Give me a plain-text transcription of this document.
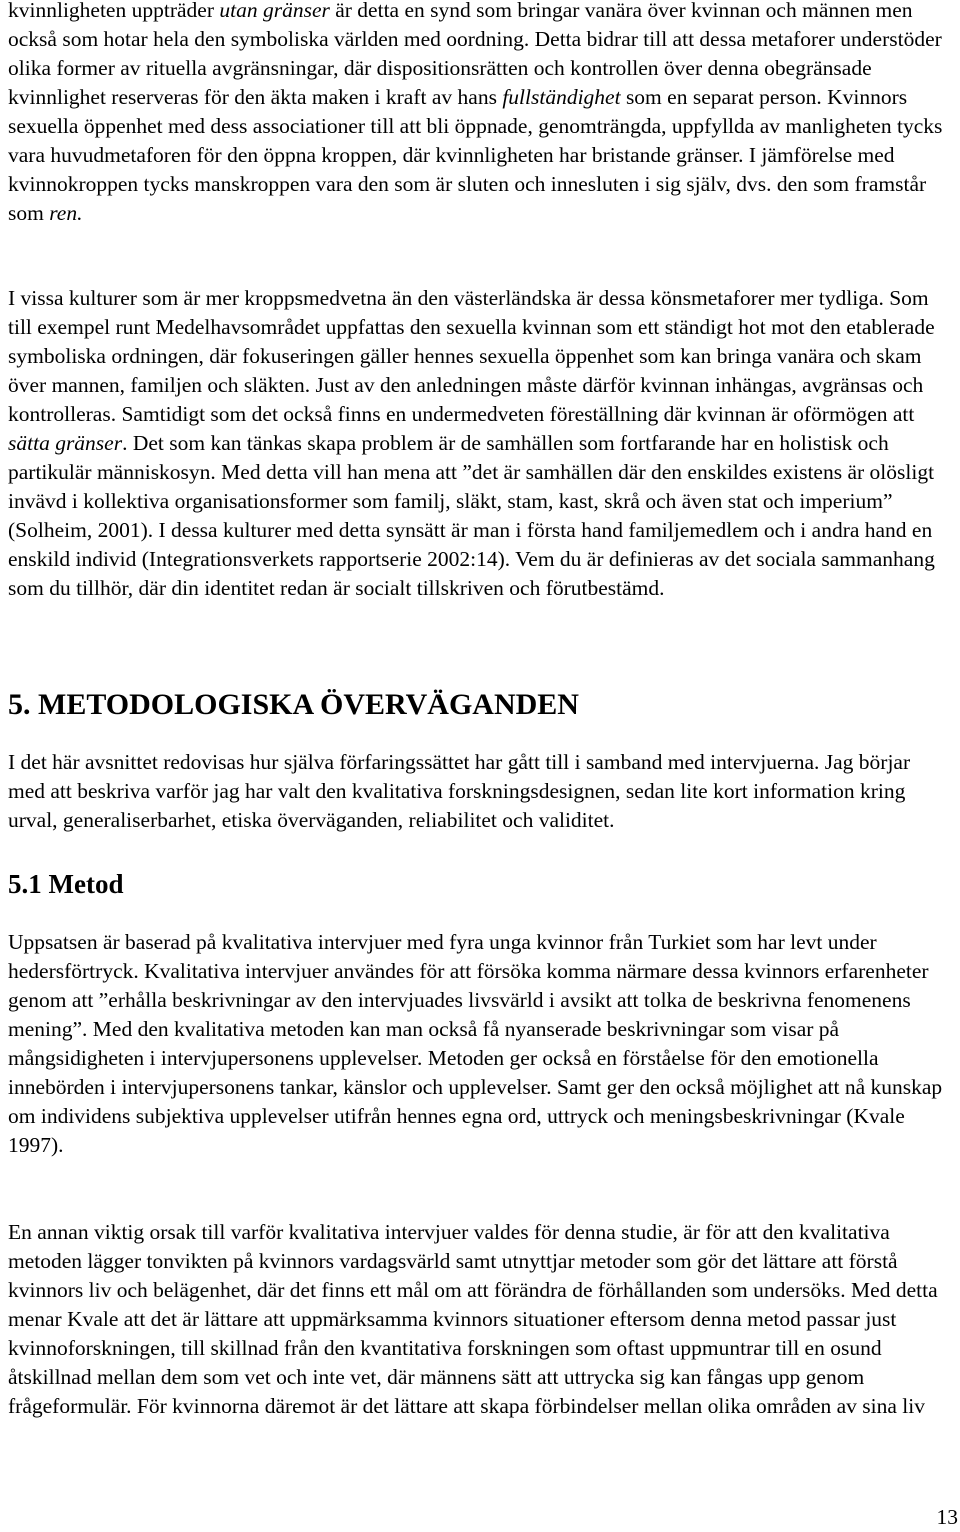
kvinnligheten uppträder utan gränser är detta en synd som bringar vanära över kvinnan och männen men också som hotar hela den symboliska världen med oordning. Detta bidrar till att dessa metaforer understöder olika former av rituella avgränsningar, där dispositionsrätten och kontrollen över denna obegränsade kvinnlighet reserveras för den äkta maken i kraft av hans fullständighet som en separat person. Kvinnors sexuella öppenhet med dess associationer till att bli öppnade, genomträngda, uppfyllda av manligheten tycks vara huvudmetaforen för den öppna kroppen, där kvinnligheten har bristande gränser. I jämförelse med kvinnokroppen tycks manskroppen vara den som är sluten och innesluten i sig själv, dvs. den som framstår som ren.

I vissa kulturer som är mer kroppsmedvetna än den västerländska är dessa könsmetaforer mer tydliga. Som till exempel runt Medelhavsområdet uppfattas den sexuella kvinnan som ett ständigt hot mot den etablerade symboliska ordningen, där fokuseringen gäller hennes sexuella öppenhet som kan bringa vanära och skam över mannen, familjen och släkten. Just av den anledningen måste därför kvinnan inhängas, avgränsas och kontrolleras. Samtidigt som det också finns en undermedveten föreställning där kvinnan är oförmögen att sätta gränser. Det som kan tänkas skapa problem är de samhällen som fortfarande har en holistisk och partikulär människosyn. Med detta vill han mena att ”det är samhällen där den enskildes existens är olösligt invävd i kollektiva organisationsformer som familj, släkt, stam, kast, skrå och även stat och imperium” (Solheim, 2001). I dessa kulturer med detta synsätt är man i första hand familjemedlem och i andra hand en enskild individ (Integrationsverkets rapportserie 2002:14). Vem du är definieras av det sociala sammanhang som du tillhör, där din identitet redan är socialt tillskriven och förutbestämd.

5. METODOLOGISKA ÖVERVÄGANDEN

I det här avsnittet redovisas hur själva förfaringssättet har gått till i samband med intervjuerna. Jag börjar med att beskriva varför jag har valt den kvalitativa forskningsdesignen, sedan lite kort information kring urval, generaliserbarhet, etiska överväganden, reliabilitet och validitet.

5.1 Metod

Uppsatsen är baserad på kvalitativa intervjuer med fyra unga kvinnor från Turkiet som har levt under hedersförtryck. Kvalitativa intervjuer användes för att försöka komma närmare dessa kvinnors erfarenheter genom att ”erhålla beskrivningar av den intervjuades livsvärld i avsikt att tolka de beskrivna fenomenens mening”. Med den kvalitativa metoden kan man också få nyanserade beskrivningar som visar på mångsidigheten i intervjupersonens upplevelser. Metoden ger också en förståelse för den emotionella innebörden i intervjupersonens tankar, känslor och upplevelser. Samt ger den också möjlighet att nå kunskap om individens subjektiva upplevelser utifrån hennes egna ord, uttryck och meningsbeskrivningar (Kvale 1997).

En annan viktig orsak till varför kvalitativa intervjuer valdes för denna studie, är för att den kvalitativa metoden lägger tonvikten på kvinnors vardagsvärld samt utnyttjar metoder som gör det lättare att förstå kvinnors liv och belägenhet, där det finns ett mål om att förändra de förhållanden som undersöks. Med detta menar Kvale att det är lättare att uppmärksamma kvinnors situationer eftersom denna metod passar just kvinnoforskningen, till skillnad från den kvantitativa forskningen som oftast uppmuntrar till en osund åtskillnad mellan dem som vet och inte vet, där männens sätt att uttrycka sig kan fångas upp genom frågeformulär. För kvinnorna däremot är det lättare att skapa förbindelser mellan olika områden av sina liv

13
